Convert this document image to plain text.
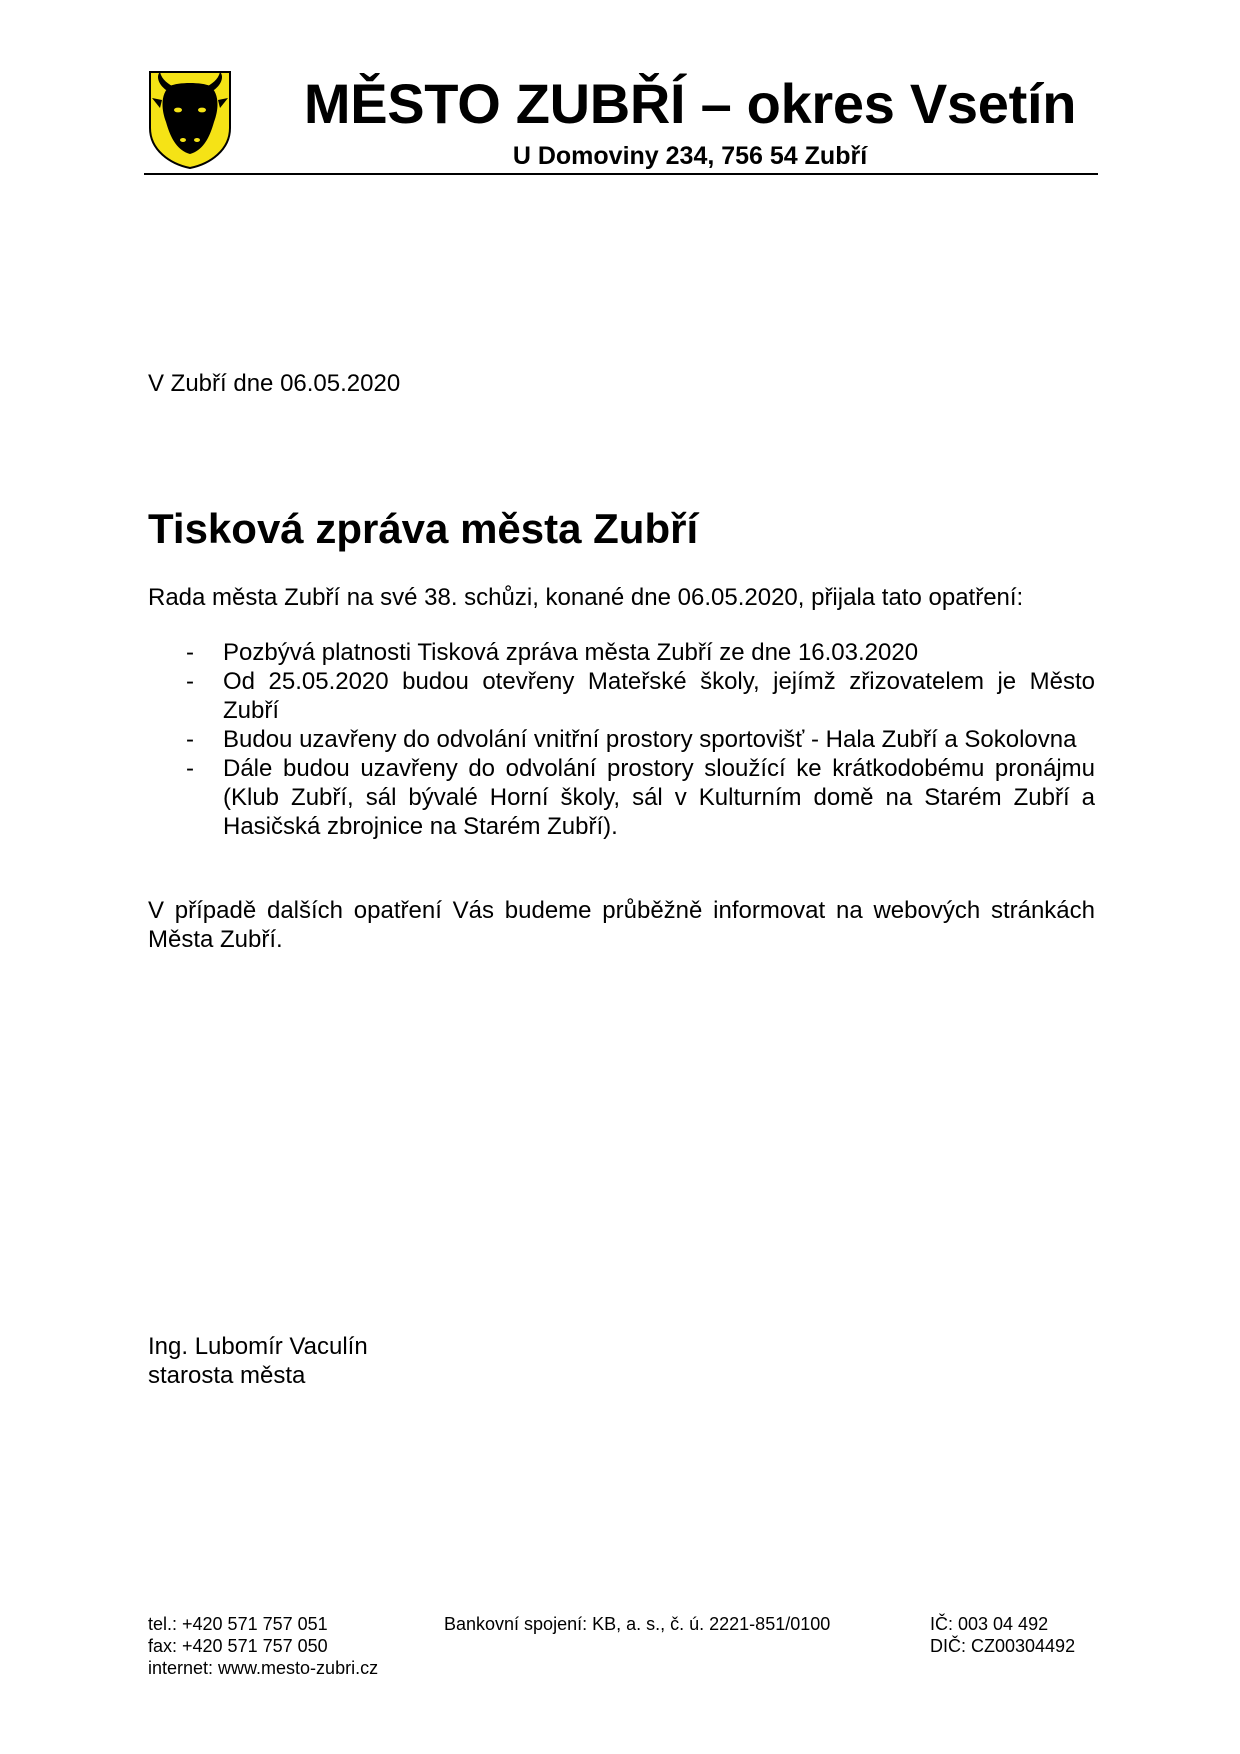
MĚSTO ZUBŘÍ – okres Vsetín
U Domoviny 234, 756 54 Zubří
V Zubří dne 06.05.2020
Tisková zpráva města Zubří
Rada města Zubří na své 38. schůzi, konané dne 06.05.2020, přijala tato opatření:
- Pozbývá platnosti Tisková zpráva města Zubří ze dne 16.03.2020
- Od 25.05.2020 budou otevřeny Mateřské školy, jejímž zřizovatelem je Město Zubří
- Budou uzavřeny do odvolání vnitřní prostory sportovišť - Hala Zubří a Sokolovna
- Dále budou uzavřeny do odvolání prostory sloužící ke krátkodobému pronájmu (Klub Zubří, sál bývalé Horní školy, sál v Kulturním domě na Starém Zubří a Hasičská zbrojnice na Starém Zubří).
V případě dalších opatření Vás budeme průběžně informovat na webových stránkách Města Zubří.
Ing. Lubomír Vaculín
starosta města
tel.: +420 571 757 051
fax: +420 571 757 050
internet: www.mesto-zubri.cz
Bankovní spojení: KB, a. s., č. ú. 2221-851/0100	IČ: 003 04 492
DIČ: CZ00304492
